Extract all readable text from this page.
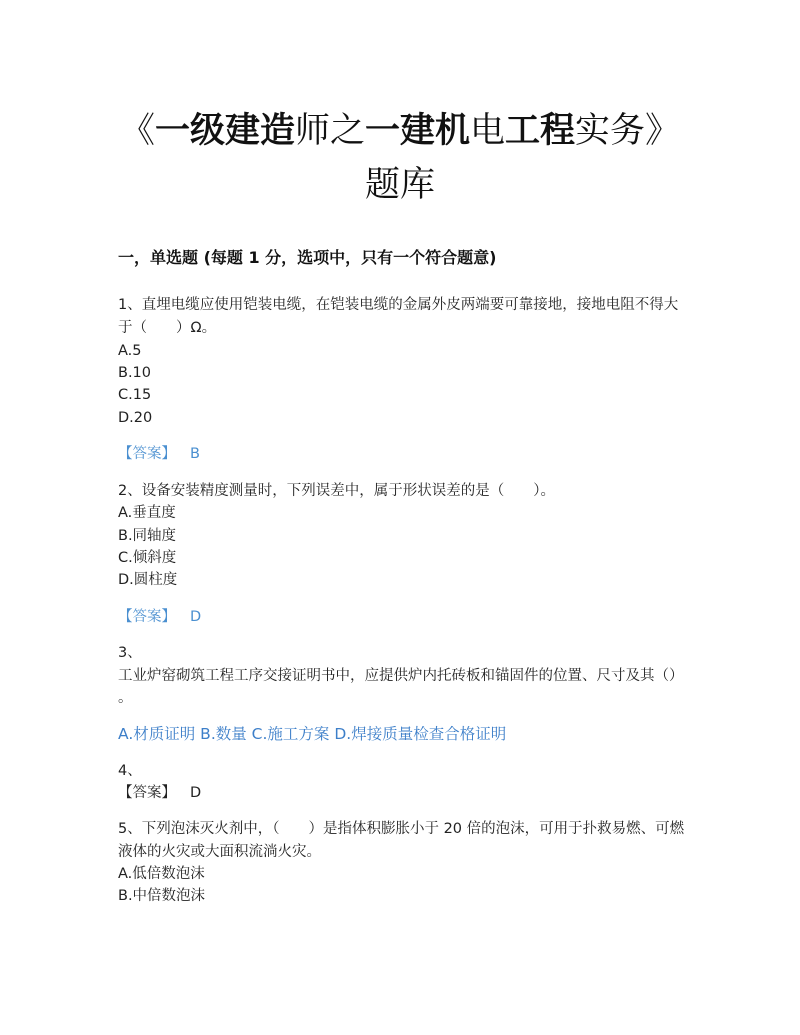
《一级建造师之一建机电工程实务》
题库
一，单选题 (每题 1 分，选项中，只有一个符合题意)
1、直埋电缆应使用铠装电缆，在铠装电缆的金属外皮两端要可靠接地，接地电阻不得大
于（　　）Ω。
A.5
B.10
C.15
D.20
【答案】 B
2、设备安装精度测量时，下列误差中，属于形状误差的是（　　）。
A.垂直度
B.同轴度
C.倾斜度
D.圆柱度
【答案】 D
3、
工业炉窑砌筑工程工序交接证明书中，应提供炉内托砖板和锚固件的位置、尺寸及其（）
。
A.材质证明 B.数量 C.施工方案 D.焊接质量检查合格证明
4、
【答案】 D
5、下列泡沫灭火剂中，（　　）是指体积膨胀小于 20 倍的泡沫，可用于扑救易燃、可燃
液体的火灾或大面积流淌火灾。
A.低倍数泡沫
B.中倍数泡沫
